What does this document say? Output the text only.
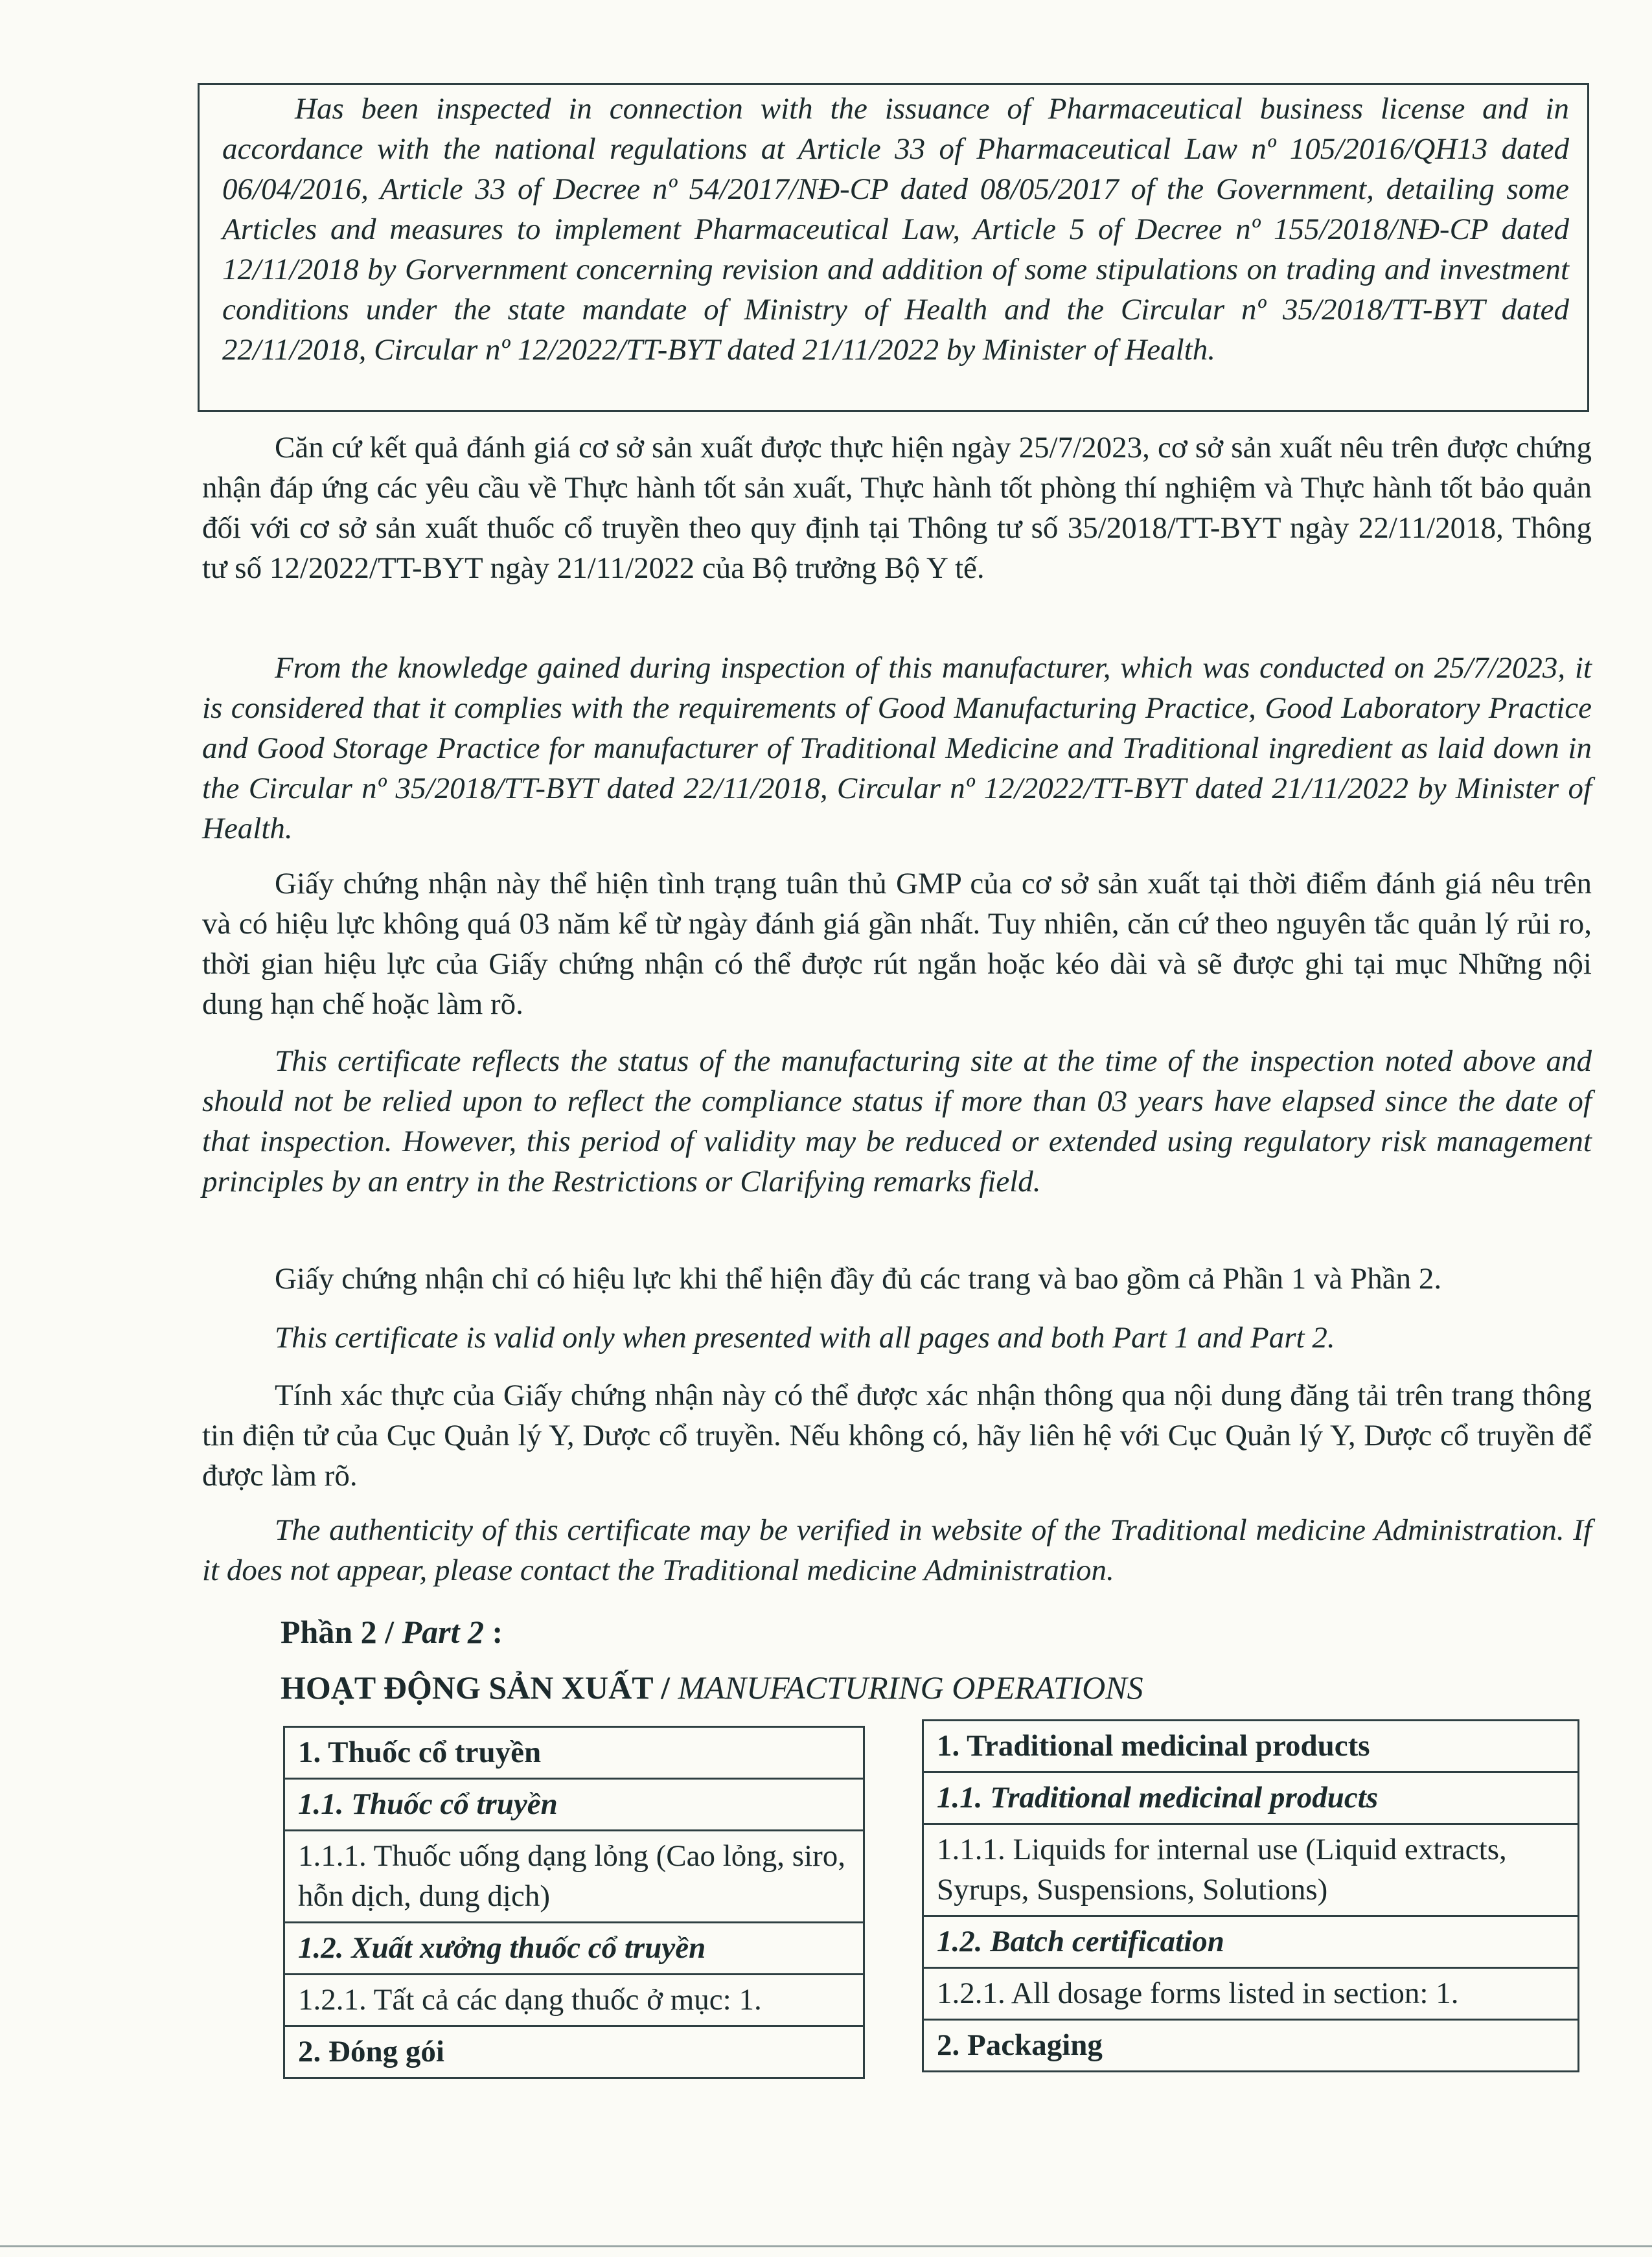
Has been inspected in connection with the issuance of Pharmaceutical business license and in accordance with the national regulations at Article 33 of Pharmaceutical Law nº 105/2016/QH13 dated 06/04/2016, Article 33 of Decree nº 54/2017/NĐ-CP dated 08/05/2017 of the Government, detailing some Articles and measures to implement Pharmaceutical Law, Article 5 of Decree nº 155/2018/NĐ-CP dated 12/11/2018 by Gorvernment concerning revision and addition of some stipulations on trading and investment conditions under the state mandate of Ministry of Health and the Circular nº 35/2018/TT-BYT dated 22/11/2018, Circular nº 12/2022/TT-BYT dated 21/11/2022 by Minister of Health.

Căn cứ kết quả đánh giá cơ sở sản xuất được thực hiện ngày 25/7/2023, cơ sở sản xuất nêu trên được chứng nhận đáp ứng các yêu cầu về Thực hành tốt sản xuất, Thực hành tốt phòng thí nghiệm và Thực hành tốt bảo quản đối với cơ sở sản xuất thuốc cổ truyền theo quy định tại Thông tư số 35/2018/TT-BYT ngày 22/11/2018, Thông tư số 12/2022/TT-BYT ngày 21/11/2022 của Bộ trưởng Bộ Y tế.

From the knowledge gained during inspection of this manufacturer, which was conducted on 25/7/2023, it is considered that it complies with the requirements of Good Manufacturing Practice, Good Laboratory Practice and Good Storage Practice for manufacturer of Traditional Medicine and Traditional ingredient as laid down in the Circular nº 35/2018/TT-BYT dated 22/11/2018, Circular nº 12/2022/TT-BYT dated 21/11/2022 by Minister of Health.

Giấy chứng nhận này thể hiện tình trạng tuân thủ GMP của cơ sở sản xuất tại thời điểm đánh giá nêu trên và có hiệu lực không quá 03 năm kể từ ngày đánh giá gần nhất. Tuy nhiên, căn cứ theo nguyên tắc quản lý rủi ro, thời gian hiệu lực của Giấy chứng nhận có thể được rút ngắn hoặc kéo dài và sẽ được ghi tại mục Những nội dung hạn chế hoặc làm rõ.

This certificate reflects the status of the manufacturing site at the time of the inspection noted above and should not be relied upon to reflect the compliance status if more than 03 years have elapsed since the date of that inspection. However, this period of validity may be reduced or extended using regulatory risk management principles by an entry in the Restrictions or Clarifying remarks field.

Giấy chứng nhận chỉ có hiệu lực khi thể hiện đầy đủ các trang và bao gồm cả Phần 1 và Phần 2.

This certificate is valid only when presented with all pages and both Part 1 and Part 2.

Tính xác thực của Giấy chứng nhận này có thể được xác nhận thông qua nội dung đăng tải trên trang thông tin điện tử của Cục Quản lý Y, Dược cổ truyền. Nếu không có, hãy liên hệ với Cục Quản lý Y, Dược cổ truyền để được làm rõ.

The authenticity of this certificate may be verified in website of the Traditional medicine Administration. If it does not appear, please contact the Traditional medicine Administration.

Phần 2 / Part 2 :
HOẠT ĐỘNG SẢN XUẤT / MANUFACTURING OPERATIONS
1. Thuốc cổ truyền
1.1. Thuốc cổ truyền
1.1.1. Thuốc uống dạng lỏng (Cao lỏng, siro, hỗn dịch, dung dịch)
1.2. Xuất xưởng thuốc cổ truyền
1.2.1. Tất cả các dạng thuốc ở mục: 1.
2. Đóng gói
1. Traditional medicinal products
1.1. Traditional medicinal products
1.1.1. Liquids for internal use (Liquid extracts, Syrups, Suspensions, Solutions)
1.2. Batch certification
1.2.1. All dosage forms listed in section: 1.
2. Packaging
